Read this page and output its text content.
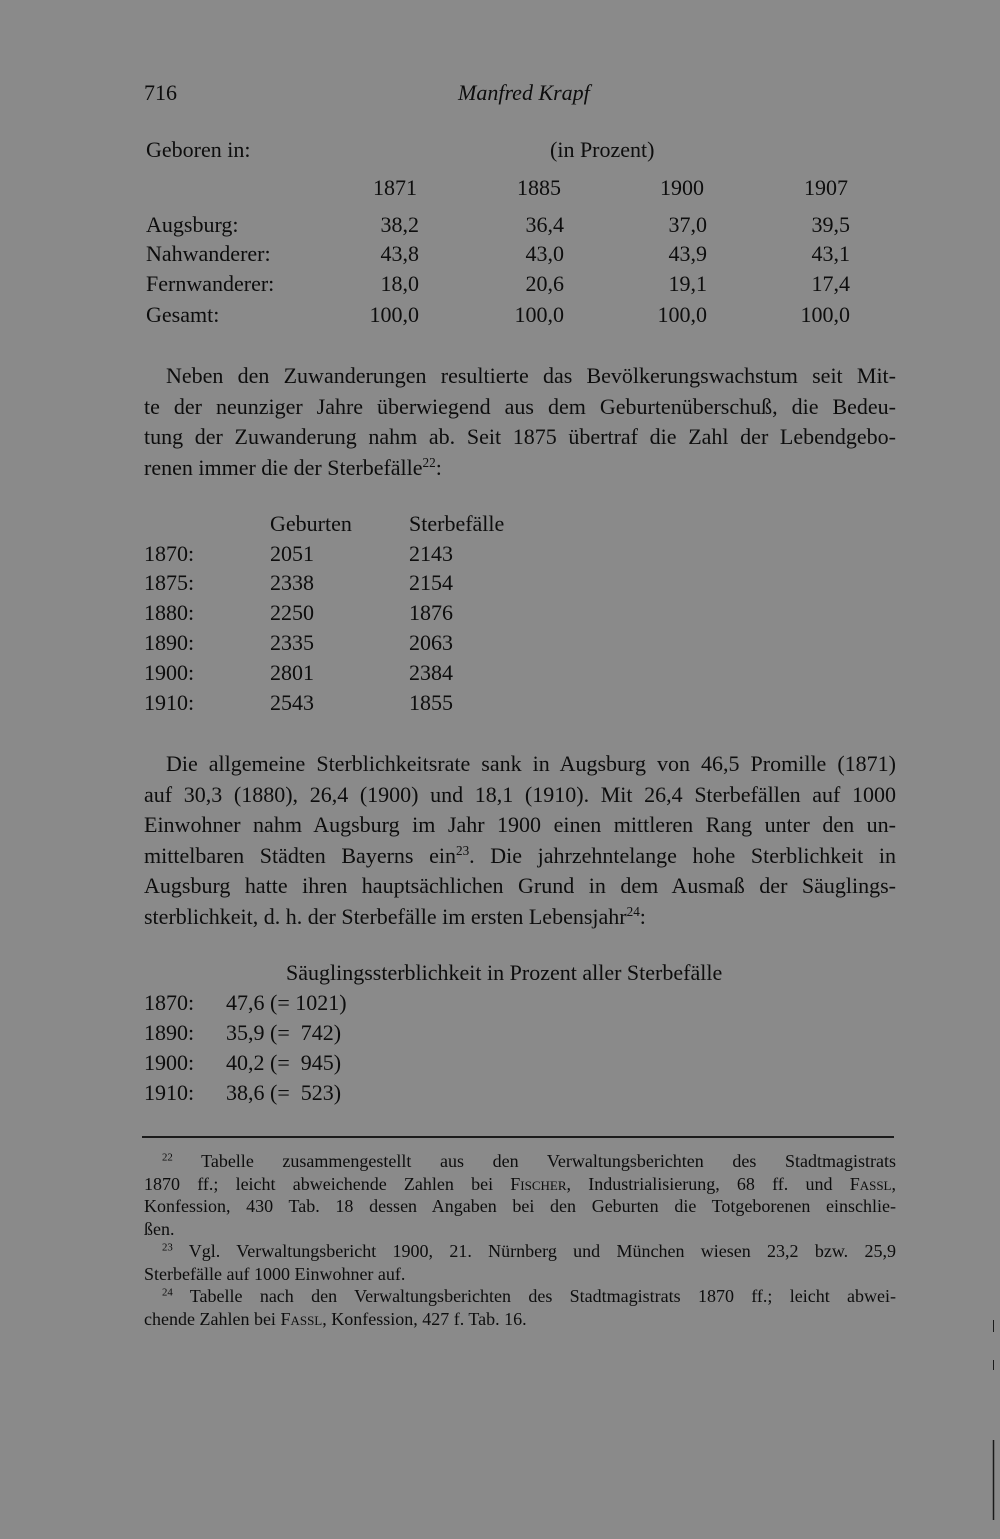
716	Manfred Krapf
Geboren in:	(in Prozent)
1871	1885	1900	1907
Augsburg:	38,2	36,4	37,0	39,5
Nahwanderer:	43,8	43,0	43,9	43,1
Fernwanderer:	18,0	20,6	19,1	17,4
Gesamt:	100,0	100,0	100,0	100,0

Neben den Zuwanderungen resultierte das Bevölkerungswachstum seit Mit-

te der neunziger Jahre überwiegend aus dem Geburtenüberschuß, die Bedeu-

tung der Zuwanderung nahm ab. Seit 1875 übertraf die Zahl der Lebendgebo-

renen immer die der Sterbefälle$^{22}$:

Geburten	Sterbefälle
1870:	2051	2143
1875:	2338	2154
1880:	2250	1876
1890:	2335	2063
1900:	2801	2384
1910:	2543	1855

Die allgemeine Sterblichkeitsrate sank in Augsburg von 46,5 Promille (1871)

auf 30,3 (1880), 26,4 (1900) und 18,1 (1910). Mit 26,4 Sterbefällen auf 1000

Einwohner nahm Augsburg im Jahr 1900 einen mittleren Rang unter den un-

mittelbaren Städten Bayerns ein$^{23}$. Die jahrzehntelange hohe Sterblichkeit in

Augsburg hatte ihren hauptsächlichen Grund in dem Ausmaß der Säuglings-

sterblichkeit, d. h. der Sterbefälle im ersten Lebensjahr$^{24}$:

Säuglingssterblichkeit in Prozent aller Sterbefälle
1870: 47,6 (= 1021)
1890: 35,9 (=  742)
1900: 40,2 (=  945)
1910: 38,6 (=  523)

$^{22}$ Tabelle zusammengestellt aus den Verwaltungsberichten des Stadtmagistrats

1870 ff.; leicht abweichende Zahlen bei Fischer, Industrialisierung, 68 ff. und Fassl,

Konfession, 430 Tab. 18 dessen Angaben bei den Geburten die Totgeborenen einschlie-

ßen.

$^{23}$ Vgl. Verwaltungsbericht 1900, 21. Nürnberg und München wiesen 23,2 bzw. 25,9

Sterbefälle auf 1000 Einwohner auf.

$^{24}$ Tabelle nach den Verwaltungsberichten des Stadtmagistrats 1870 ff.; leicht abwei-

chende Zahlen bei Fassl, Konfession, 427 f. Tab. 16.
